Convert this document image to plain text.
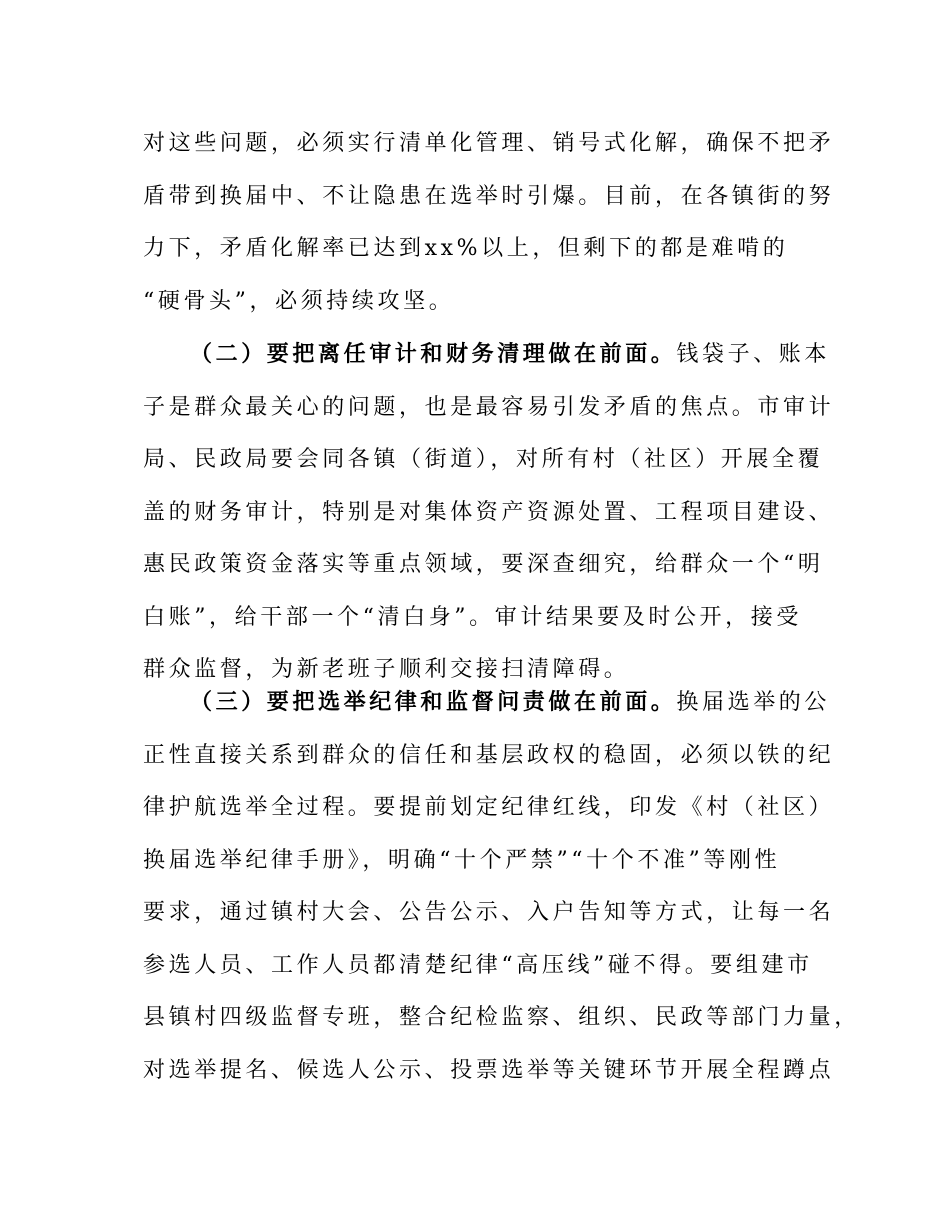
对这些问题，必须实行清单化管理、销号式化解，确保不把矛
盾带到换届中、不让隐患在选举时引爆。目前，在各镇街的努
力下，矛盾化解率已达到xx%以上，但剩下的都是难啃的
“硬骨头”，必须持续攻坚。
（二）要把离任审计和财务清理做在前面。钱袋子、账本
子是群众最关心的问题，也是最容易引发矛盾的焦点。市审计
局、民政局要会同各镇（街道），对所有村（社区）开展全覆
盖的财务审计，特别是对集体资产资源处置、工程项目建设、
惠民政策资金落实等重点领域，要深查细究，给群众一个“明
白账”，给干部一个“清白身”。审计结果要及时公开，接受
群众监督，为新老班子顺利交接扫清障碍。
（三）要把选举纪律和监督问责做在前面。换届选举的公
正性直接关系到群众的信任和基层政权的稳固，必须以铁的纪
律护航选举全过程。要提前划定纪律红线，印发《村（社区）
换届选举纪律手册》，明确“十个严禁”“十个不准”等刚性
要求，通过镇村大会、公告公示、入户告知等方式，让每一名
参选人员、工作人员都清楚纪律“高压线”碰不得。要组建市
县镇村四级监督专班，整合纪检监察、组织、民政等部门力量，
对选举提名、候选人公示、投票选举等关键环节开展全程蹲点
